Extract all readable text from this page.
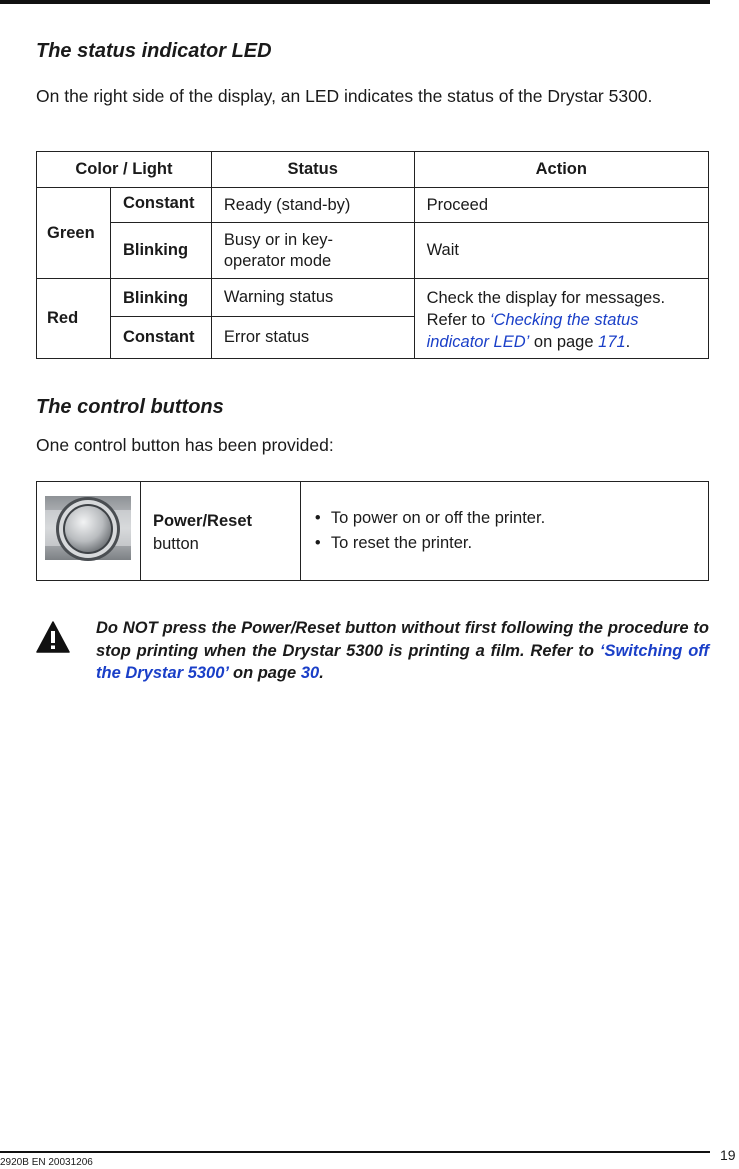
The status indicator LED

On the right side of the display, an LED indicates the status of the Drystar 5300.

Color / Light		Status	Action
Green	Constant	Ready (stand-by)	Proceed
	Blinking	Busy or in key-operator mode	Wait
Red	Blinking	Warning status	Check the display for messages.
Refer to ‘Checking the status indicator LED’ on page 171.
	Constant	Error status	
The control buttons

One control button has been provided:

	Power/Reset
button	
• To power on or off the printer.
• To reset the printer.

Do NOT press the Power/Reset button without first following the procedure to stop printing when the Drystar 5300 is printing a film. Refer to ‘Switching off the Drystar 5300’ on page 30.

2920B EN 20031206	19
